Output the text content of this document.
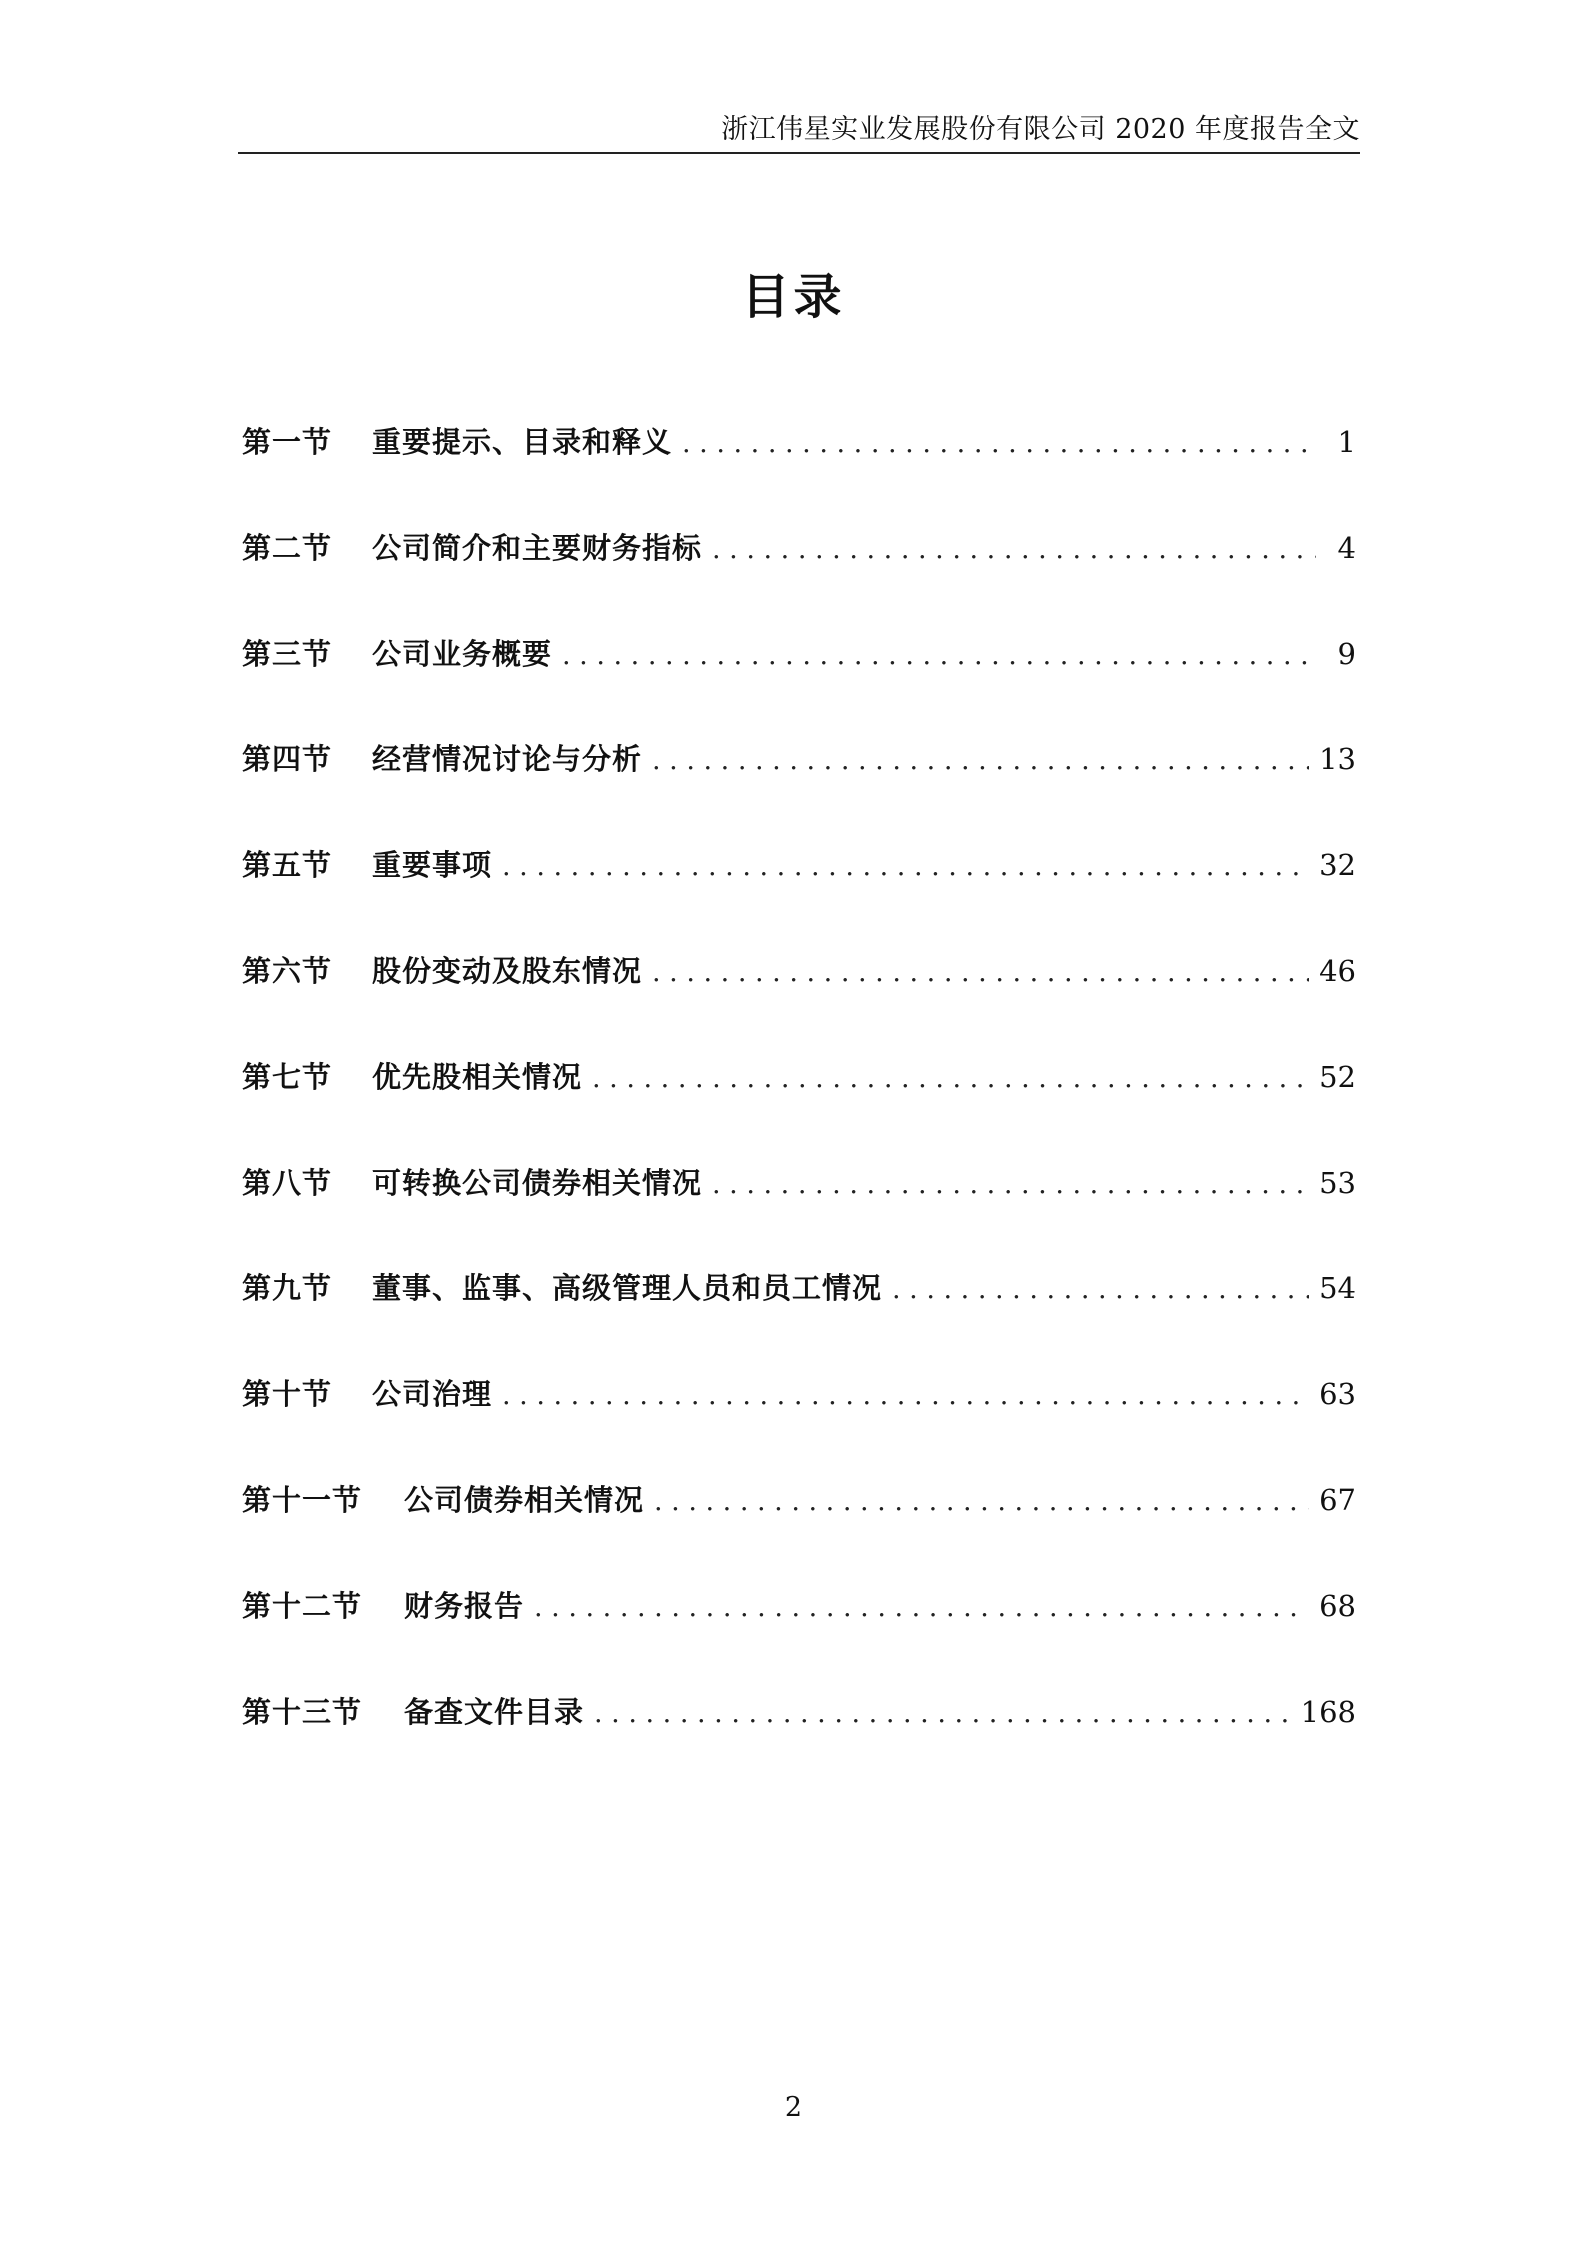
浙江伟星实业发展股份有限公司 2020 年度报告全文
目录
第一节	重要提示、目录和释义 . . .	1
第二节	公司简介和主要财务指标 . . .	4
第三节	公司业务概要 . . .	9
第四节	经营情况讨论与分析 . . .	13
第五节	重要事项 . . .	32
第六节	股份变动及股东情况 . . .	46
第七节	优先股相关情况 . . .	52
第八节	可转换公司债券相关情况 . . .	53
第九节	董事、监事、高级管理人员和员工情况 . . .	54
第十节	公司治理 . . .	63
第十一节	公司债券相关情况 . . .	67
第十二节	财务报告 . . .	68
第十三节	备查文件目录 . . .	168
2
